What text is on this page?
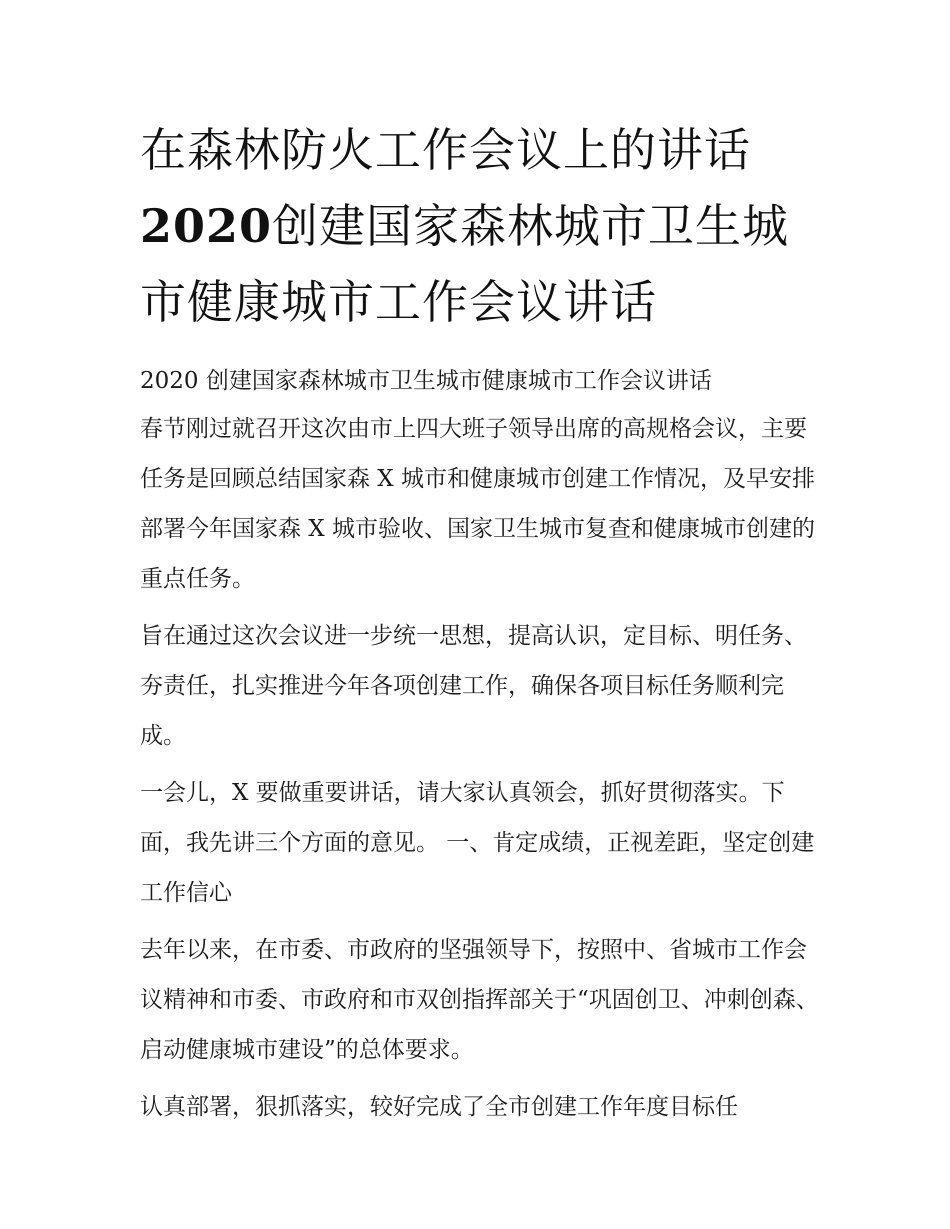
在森林防火工作会议上的讲话
2020创建国家森林城市卫生城
市健康城市工作会议讲话

2020 创建国家森林城市卫生城市健康城市工作会议讲话

春节刚过就召开这次由市上四大班子领导出席的高规格会议，主要任务是回顾总结国家森 X 城市和健康城市创建工作情况，及早安排部署今年国家森 X 城市验收、国家卫生城市复查和健康城市创建的重点任务。

旨在通过这次会议进一步统一思想，提高认识，定目标、明任务、夯责任，扎实推进今年各项创建工作，确保各项目标任务顺利完成。

一会儿，X 要做重要讲话，请大家认真领会，抓好贯彻落实。下面，我先讲三个方面的意见。 一、肯定成绩，正视差距，坚定创建工作信心

去年以来，在市委、市政府的坚强领导下，按照中、省城市工作会议精神和市委、市政府和市双创指挥部关于“巩固创卫、冲刺创森、启动健康城市建设”的总体要求。

认真部署，狠抓落实，较好完成了全市创建工作年度目标任
